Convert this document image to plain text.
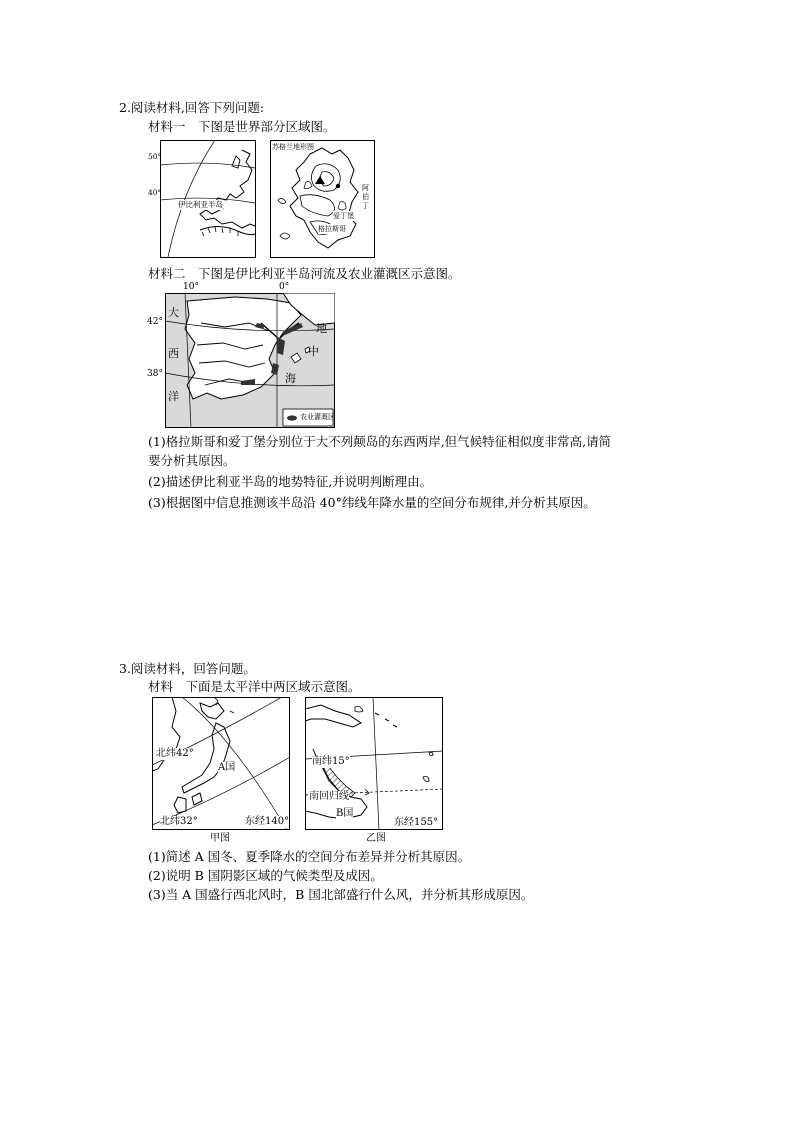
2.阅读材料,回答下列问题:
材料一　下图是世界部分区域图。
50°
40°
伊比利亚半岛
苏格兰地形图
阿
伯
丁
爱丁堡
格拉斯哥
材料二　下图是伊比利亚半岛河流及农业灌溉区示意图。
10°	0°
42°
38°
大
西
洋
地
中
海
农业灌溉区
(1)格拉斯哥和爱丁堡分别位于大不列颠岛的东西两岸,但气候特征相似度非常高,请简
要分析其原因。
(2)描述伊比利亚半岛的地势特征,并说明判断理由。
(3)根据图中信息推测该半岛沿 40°纬线年降水量的空间分布规律,并分析其原因。
3.阅读材料，回答问题。
材料　下面是太平洋中两区域示意图。
北纬42°
A国
北纬32°	东经140°
甲图
南纬15°
南回归线
B国
东经155°
乙图
(1)简述 A 国冬、夏季降水的空间分布差异并分析其原因。
(2)说明 B 国阴影区域的气候类型及成因。
(3)当 A 国盛行西北风时，B 国北部盛行什么风，并分析其形成原因。
